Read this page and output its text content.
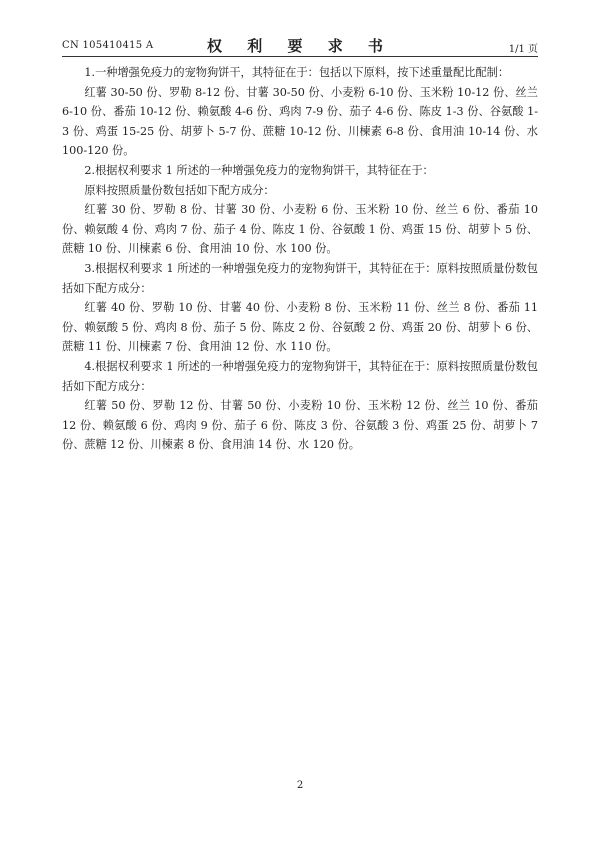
CN 105410415 A	权 利 要 求 书	1/1 页

1.一种增强免疫力的宠物狗饼干，其特征在于：包括以下原料，按下述重量配比配制：

红薯 30-50 份、罗勒 8-12 份、甘薯 30-50 份、小麦粉 6-10 份、玉米粉 10-12 份、丝兰 6-10 份、番茄 10-12 份、赖氨酸 4-6 份、鸡肉 7-9 份、茄子 4-6 份、陈皮 1-3 份、谷氨酸 1-3 份、鸡蛋 15-25 份、胡萝卜 5-7 份、蔗糖 10-12 份、川楝素 6-8 份、食用油 10-14 份、水 100-120 份。

2.根据权利要求 1 所述的一种增强免疫力的宠物狗饼干，其特征在于：

原料按照质量份数包括如下配方成分：

红薯 30 份、罗勒 8 份、甘薯 30 份、小麦粉 6 份、玉米粉 10 份、丝兰 6 份、番茄 10 份、赖氨酸 4 份、鸡肉 7 份、茄子 4 份、陈皮 1 份、谷氨酸 1 份、鸡蛋 15 份、胡萝卜 5 份、蔗糖 10 份、川楝素 6 份、食用油 10 份、水 100 份。

3.根据权利要求 1 所述的一种增强免疫力的宠物狗饼干，其特征在于：原料按照质量份数包括如下配方成分：

红薯 40 份、罗勒 10 份、甘薯 40 份、小麦粉 8 份、玉米粉 11 份、丝兰 8 份、番茄 11 份、赖氨酸 5 份、鸡肉 8 份、茄子 5 份、陈皮 2 份、谷氨酸 2 份、鸡蛋 20 份、胡萝卜 6 份、蔗糖 11 份、川楝素 7 份、食用油 12 份、水 110 份。

4.根据权利要求 1 所述的一种增强免疫力的宠物狗饼干，其特征在于：原料按照质量份数包括如下配方成分：

红薯 50 份、罗勒 12 份、甘薯 50 份、小麦粉 10 份、玉米粉 12 份、丝兰 10 份、番茄 12 份、赖氨酸 6 份、鸡肉 9 份、茄子 6 份、陈皮 3 份、谷氨酸 3 份、鸡蛋 25 份、胡萝卜 7 份、蔗糖 12 份、川楝素 8 份、食用油 14 份、水 120 份。

2
